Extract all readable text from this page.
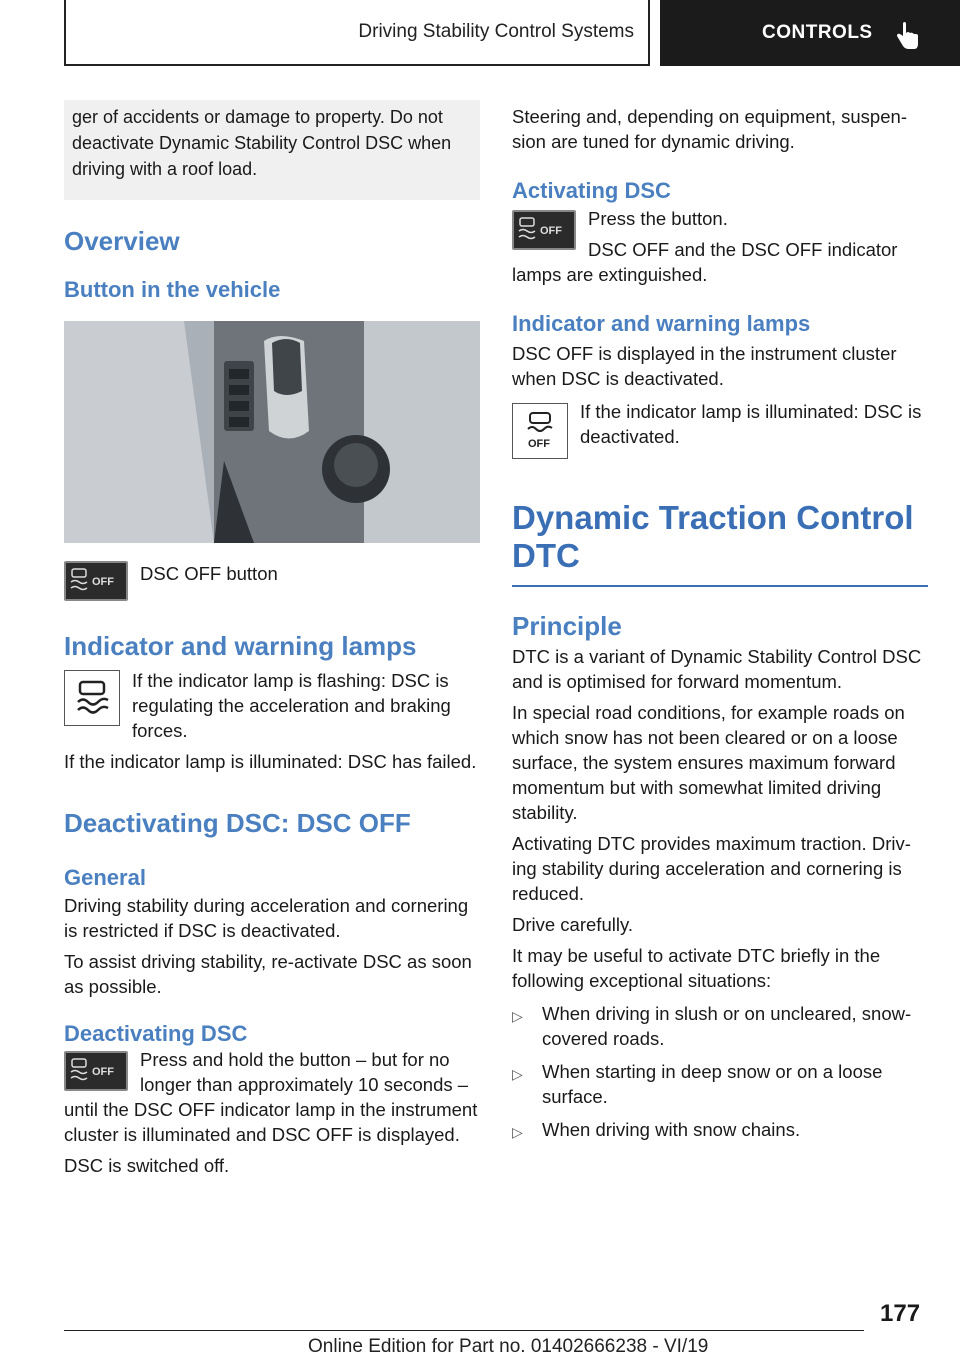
Driving Stability Control Systems	CONTROLS
ger of accidents or damage to property. Do not deactivate Dynamic Stability Control DSC when driving with a roof load.
Overview
Button in the vehicle
OFF DSC OFF button

Indicator and warning lamps

If the indicator lamp is flashing: DSC is regulating the acceleration and braking forces.

If the indicator lamp is illuminated: DSC has failed.

Deactivating DSC: DSC OFF
General

Driving stability during acceleration and cornering is restricted if DSC is deactivated.

To assist driving stability, re-activate DSC as soon as possible.

Deactivating DSC
OFF

Press and hold the button – but for no longer than approximately 10 seconds –

until the DSC OFF indicator lamp in the instrument cluster is illuminated and DSC OFF is displayed.

DSC is switched off.

Steering and, depending on equipment, suspension are tuned for dynamic driving.

Activating DSC
OFF

Press the button.

DSC OFF and the DSC OFF indicator

lamps are extinguished.

Indicator and warning lamps

DSC OFF is displayed in the instrument cluster when DSC is deactivated.

OFF

If the indicator lamp is illuminated: DSC is deactivated.

Dynamic Traction Control DTC
Principle

DTC is a variant of Dynamic Stability Control DSC and is optimised for forward momentum.

In special road conditions, for example roads on which snow has not been cleared or on a loose surface, the system ensures maximum forward momentum but with somewhat limited driving stability.

Activating DTC provides maximum traction. Driving stability during acceleration and cornering is reduced.

Drive carefully.

It may be useful to activate DTC briefly in the following exceptional situations:

▷ When driving in slush or on uncleared, snow-covered roads.
▷ When starting in deep snow or on a loose surface.
▷ When driving with snow chains.
177
Online Edition for Part no. 01402666238 - VI/19
